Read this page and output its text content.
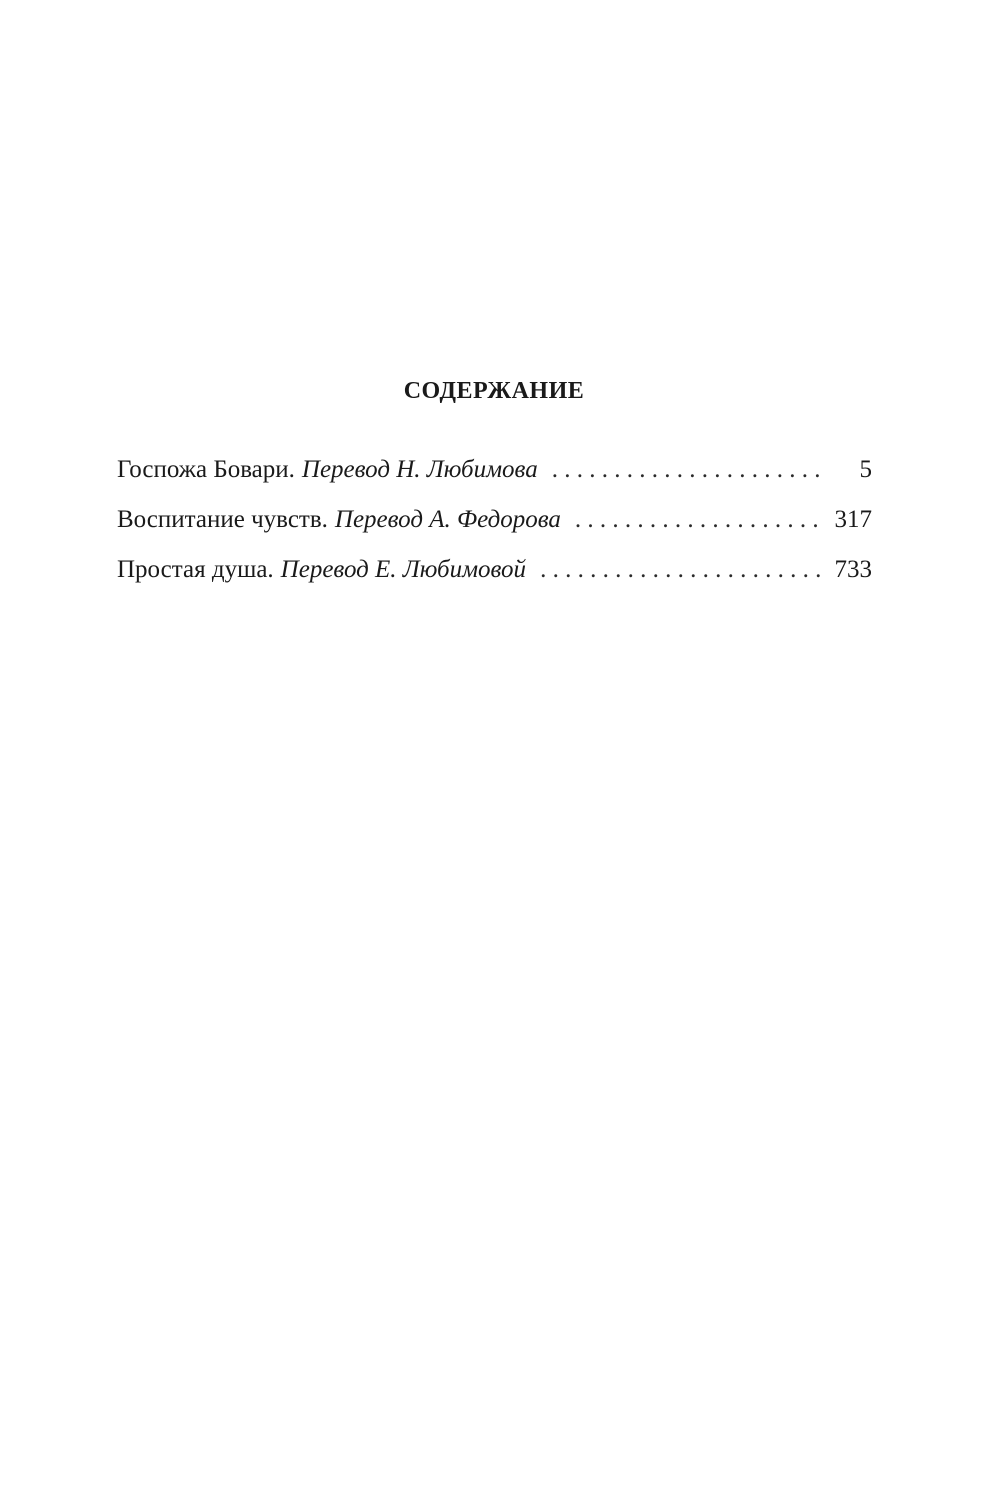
СОДЕРЖАНИЕ
Госпожа Бовари. Перевод Н. Любимова . . .	5
Воспитание чувств. Перевод А. Федорова . . .	317
Простая душа. Перевод Е. Любимовой . . .	733
